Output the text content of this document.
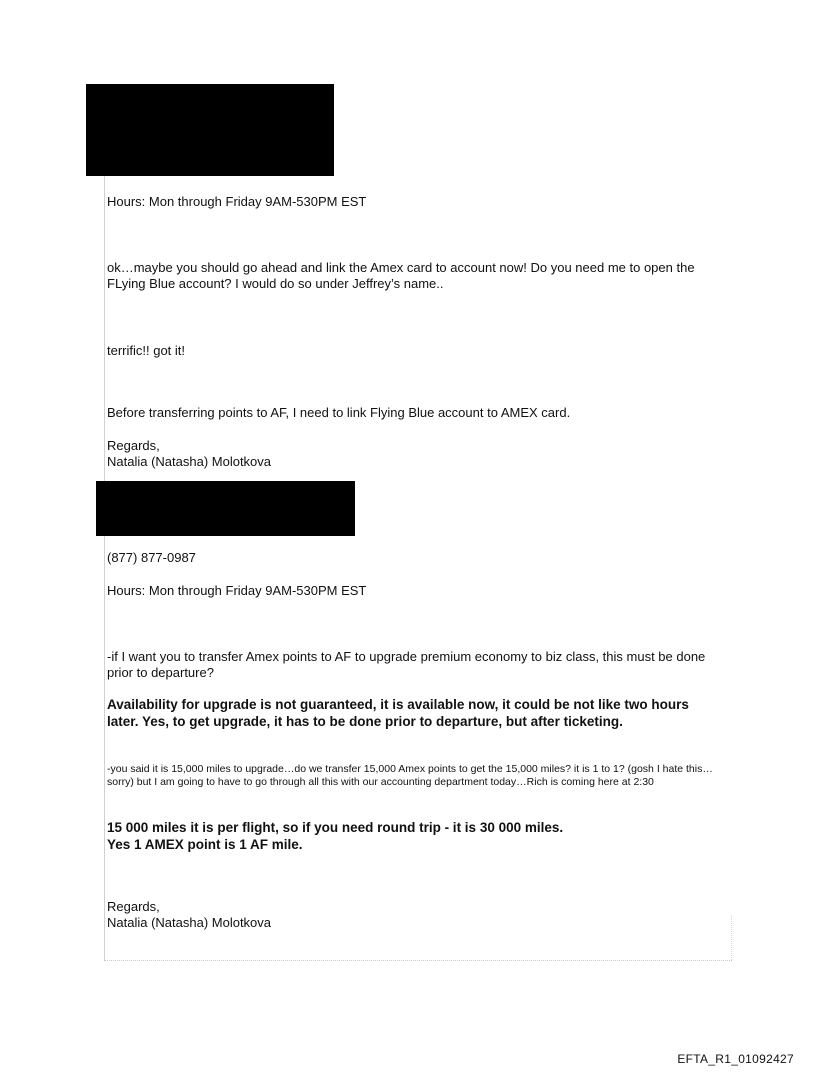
Hours: Mon through Friday 9AM-530PM EST

ok…maybe you should go ahead and link the Amex card to account now! Do you need me to open the FLying Blue account? I would do so under Jeffrey’s name..

terrific!! got it!

Before transferring points to AF, I need to link Flying Blue account to AMEX card.

Regards,

Natalia (Natasha) Molotkova

(877) 877-0987

Hours: Mon through Friday 9AM-530PM EST

-if I want you to transfer Amex points to AF to upgrade premium economy to biz class, this must be done prior to departure?

Availability for upgrade is not guaranteed, it is available now, it could be not like two hours later. Yes, to get upgrade, it has to be done prior to departure, but after ticketing.

-you said it is 15,000 miles to upgrade…do we transfer 15,000 Amex points to get the 15,000 miles? it is 1 to 1? (gosh I hate this…sorry) but I am going to have to go through all this with our accounting department today…Rich is coming here at 2:30

15 000 miles it is per flight, so if you need round trip - it is 30 000 miles.

Yes 1 AMEX point is 1 AF mile.

Regards,

Natalia (Natasha) Molotkova

EFTA_R1_01092427
